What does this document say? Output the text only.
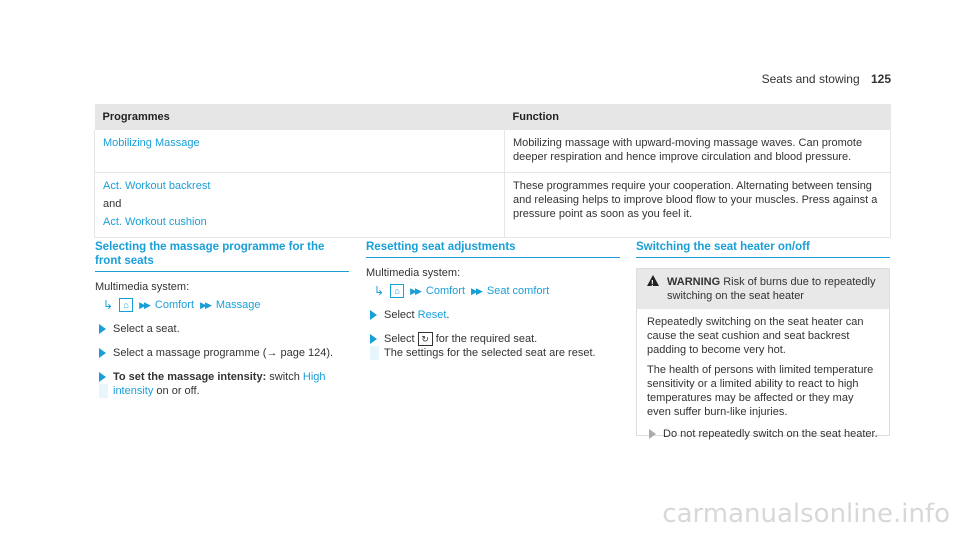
Seats and stowing 125
Programmes	Function
Mobilizing Massage	Mobilizing massage with upward-moving massage waves. Can promote deeper respiration and hence improve circulation and blood pressure.
Act. Workout backrest
and
Act. Workout cushion	These programmes require your cooperation. Alternating between tensing and releasing helps to improve blood flow to your muscles. Press against a pressure point as soon as you feel it.
Selecting the massage programme for the front seats
Multimedia system:
↳	⌂	▶▶ Comfort ▶▶ Massage
Select a seat.
Select a massage programme (→ page 124).
To set the massage intensity: switch High intensity on or off.
Resetting seat adjustments
Multimedia system:
↳	⌂	▶▶ Comfort ▶▶ Seat comfort
Select Reset.
Select ↻ for the required seat.
The settings for the selected seat are reset.
Switching the seat heater on/off
! WARNING Risk of burns due to repeatedly switching on the seat heater

Repeatedly switching on the seat heater can cause the seat cushion and seat backrest padding to become very hot.

The health of persons with limited temperature sensitivity or a limited ability to react to high temperatures may be affected or they may even suffer burn-like injuries.

Do not repeatedly switch on the seat heater.
carmanualsonline.info
